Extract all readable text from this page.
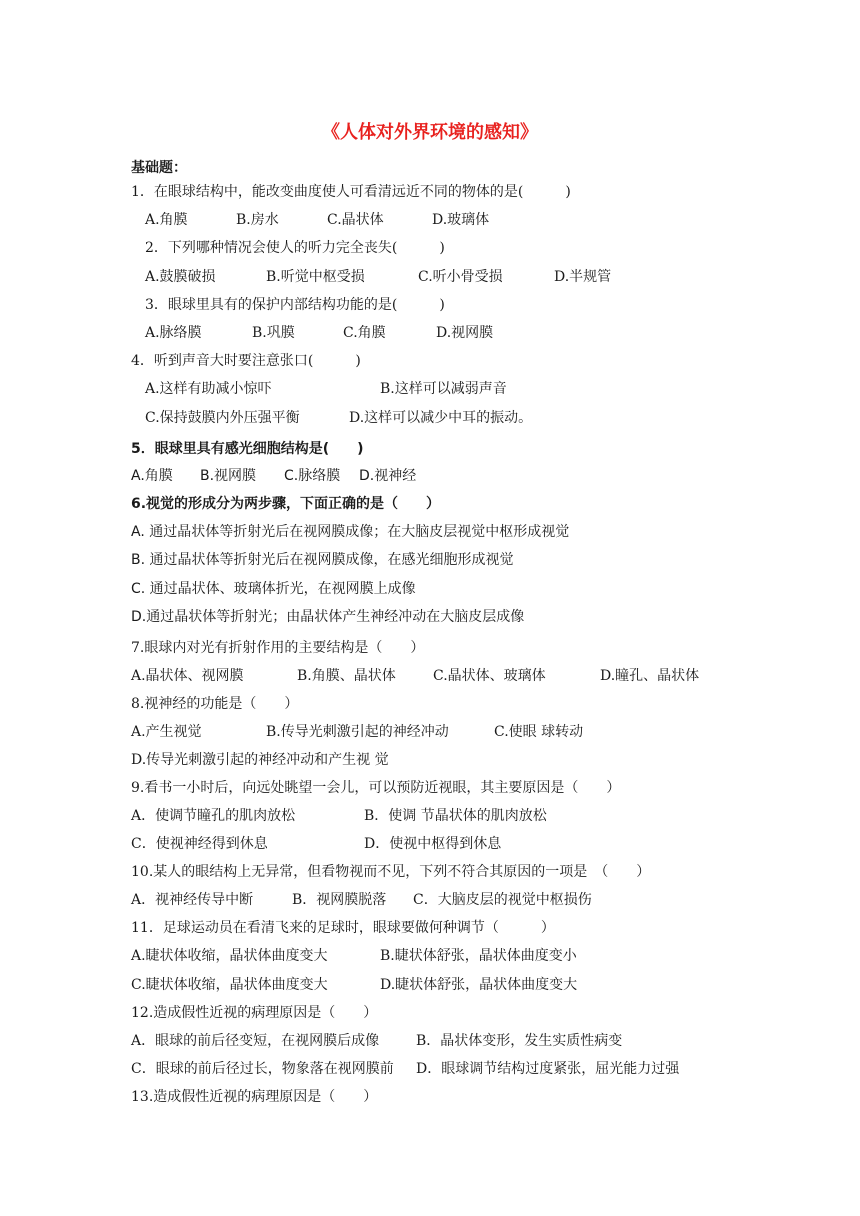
《人体对外界环境的感知》
基础题：
1．在眼球结构中，能改变曲度使人可看清远近不同的物体的是(　　　)
A.角膜	B.房水	C.晶状体	D.玻璃体
2．下列哪种情况会使人的听力完全丧失(　　　)
A.鼓膜破损	B.听觉中枢受损	C.听小骨受损	D.半规管
3．眼球里具有的保护内部结构功能的是(　　　)
A.脉络膜	B.巩膜	C.角膜	D.视网膜
4．听到声音大时要注意张口(　　　)
A.这样有助减小惊吓	B.这样可以减弱声音
C.保持鼓膜内外压强平衡	D.这样可以减少中耳的振动。
5．眼球里具有感光细胞结构是(　　)
A.角膜 B.视网膜 C.脉络膜 D.视神经
6.视觉的形成分为两步骤，下面正确的是（　　）
A. 通过晶状体等折射光后在视网膜成像；在大脑皮层视觉中枢形成视觉
B. 通过晶状体等折射光后在视网膜成像，在感光细胞形成视觉
C. 通过晶状体、玻璃体折光，在视网膜上成像
D.通过晶状体等折射光；由晶状体产生神经冲动在大脑皮层成像
7.眼球内对光有折射作用的主要结构是（　　）
A.晶状体、视网膜	B.角膜、晶状体	C.晶状体、玻璃体	D.瞳孔、晶状体
8.视神经的功能是（　　）
A.产生视觉	B.传导光刺激引起的神经冲动	C.使眼 球转动
D.传导光刺激引起的神经冲动和产生视 觉
9.看书一小时后，向远处眺望一会儿，可以预防近视眼，其主要原因是（　　）
A．使调节瞳孔的肌肉放松	B．使调 节晶状体的肌肉放松
C．使视神经得到休息	D．使视中枢得到休息
10.某人的眼结构上无异常，但看物视而不见，下列不符合其原因的一项是　（　　）
A．视神经传导中断	B．视网膜脱落 C．大脑皮层的视觉中枢损伤
11．足球运动员在看清飞来的足球时，眼球要做何种调节（　　　）
A.睫状体收缩，晶状体曲度变大	B.睫状体舒张，晶状体曲度变小
C.睫状体收缩，晶状体曲度变大	D.睫状体舒张，晶状体曲度变大
12.造成假性近视的病理原因是（　　）
A．眼球的前后径变短，在视网膜后成像	B．晶状体变形，发生实质性病变
C．眼球的前后径过长，物象落在视网膜前 D．眼球调节结构过度紧张，屈光能力过强
13.造成假性近视的病理原因是（　　）
